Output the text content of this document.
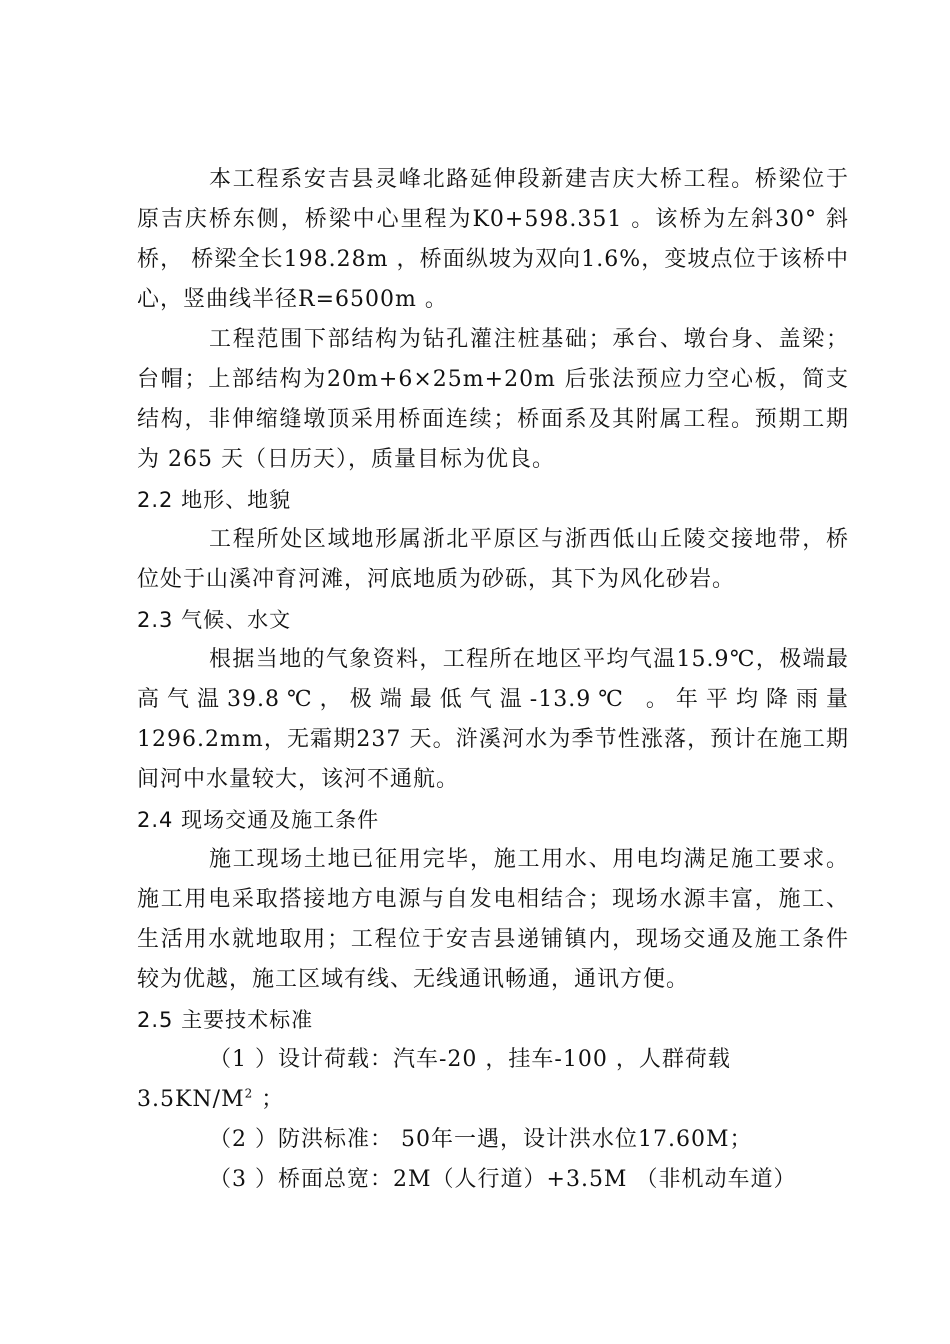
本工程系安吉县灵峰北路延伸段新建吉庆大桥工程。桥梁位于原吉庆桥东侧，桥梁中心里程为K0+598.351 。该桥为左斜30° 斜桥， 桥梁全长198.28m ，桥面纵坡为双向1.6%，变坡点位于该桥中心，竖曲线半径R=6500m 。

工程范围下部结构为钻孔灌注桩基础；承台、墩台身、盖梁；台帽；上部结构为20m+6×25m+20m 后张法预应力空心板，简支结构，非伸缩缝墩顶采用桥面连续；桥面系及其附属工程。预期工期为 265 天（日历天），质量目标为优良。

2.2 地形、地貌

工程所处区域地形属浙北平原区与浙西低山丘陵交接地带，桥位处于山溪冲育河滩，河底地质为砂砾，其下为风化砂岩。

2.3 气候、水文

根据当地的气象资料，工程所在地区平均气温15.9℃，极端最高气温39.8℃，极端最低气温-13.9℃ 。年平均降雨量1296.2mm，无霜期237 天。浒溪河水为季节性涨落，预计在施工期间河中水量较大，该河不通航。

2.4 现场交通及施工条件

施工现场土地已征用完毕，施工用水、用电均满足施工要求。施工用电采取搭接地方电源与自发电相结合；现场水源丰富，施工、生活用水就地取用；工程位于安吉县递铺镇内，现场交通及施工条件较为优越，施工区域有线、无线通讯畅通，通讯方便。

2.5 主要技术标准

（1 ）设计荷载：汽车-20 ，挂车-100 ，人群荷载 $3.5KN/M^2$ ；

（2 ）防洪标准： 50年一遇，设计洪水位17.60M；

（3 ）桥面总宽：2M（人行道）+3.5M （非机动车道）
